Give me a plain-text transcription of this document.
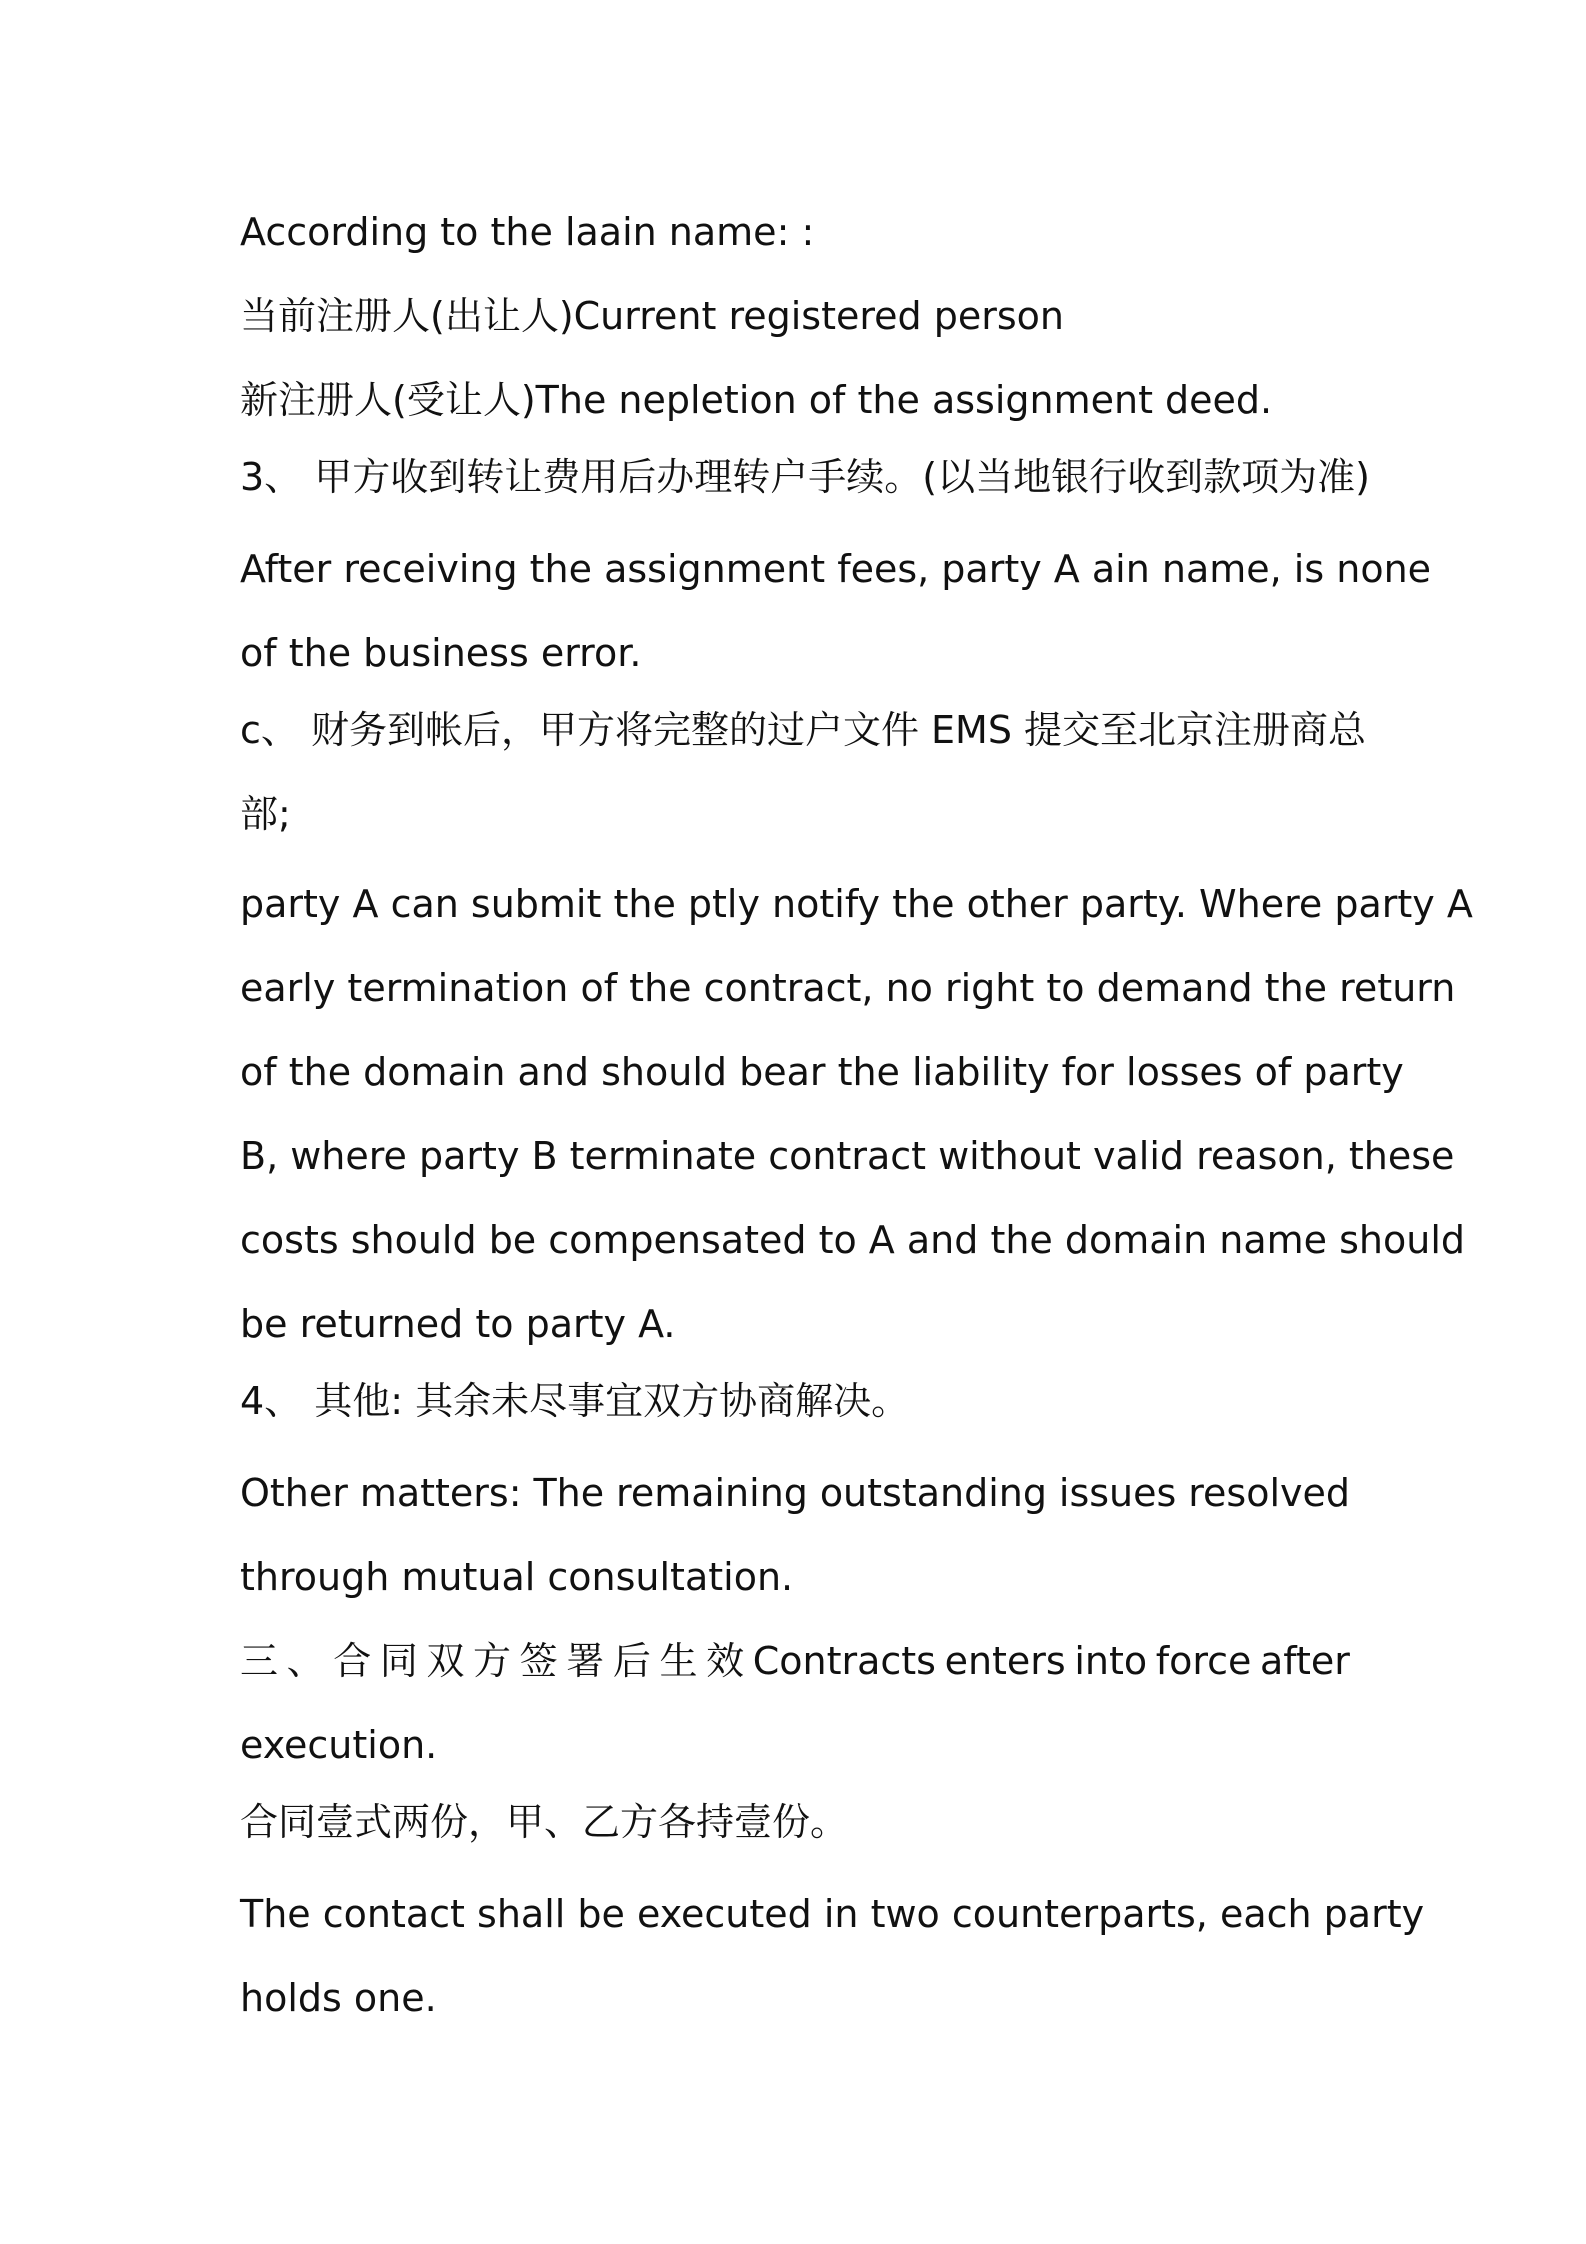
According to the laain name: :
当前注册人(出让人)Current registered person
新注册人(受让人)The nepletion of the assignment deed.
3、 甲方收到转让费用后办理转户手续。(以当地银行收到款项为准)
After receiving the assignment fees, party A ain name, is none
of the business error.
c、 财务到帐后，甲方将完整的过户文件 EMS 提交至北京注册商总
部;
party A can submit the ptly notify the other party. Where party A
early termination of the contract, no right to demand the return
of the domain and should bear the liability for losses of party
B, where party B terminate contract without valid reason, these
costs should be compensated to A and the domain name should
be returned to party A.
4、 其他: 其余未尽事宜双方协商解决。
Other matters: The remaining outstanding issues resolved
through mutual consultation.
三 、 合 同 双 方 签 署 后 生 效 Contracts enters into force after
execution.
合同壹式两份，甲、乙方各持壹份。
The contact shall be executed in two counterparts, each party
holds one.
